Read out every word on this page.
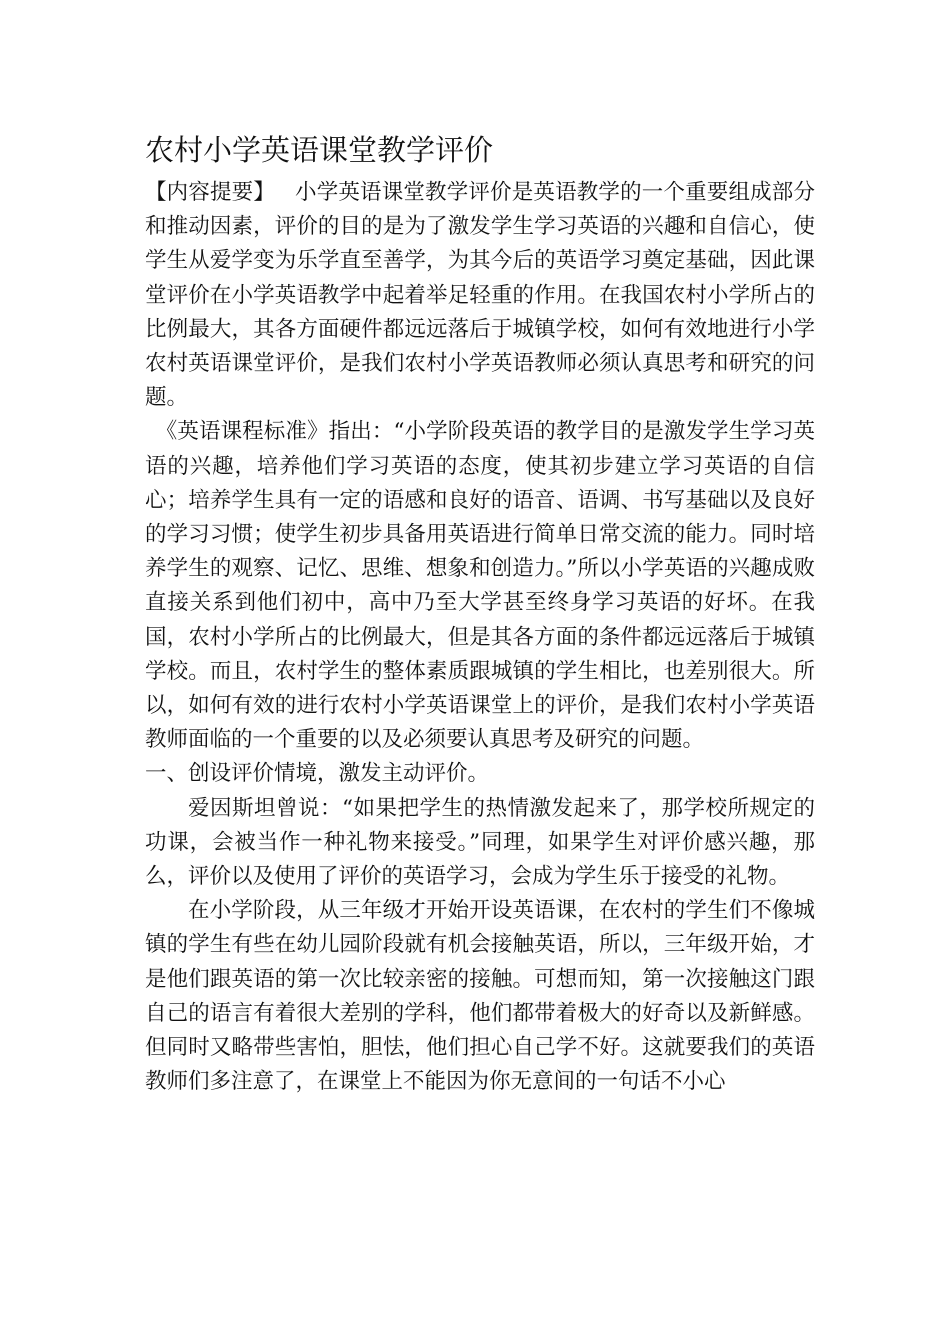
农村小学英语课堂教学评价

【内容提要】 小学英语课堂教学评价是英语教学的一个重要组成部分和推动因素，评价的目的是为了激发学生学习英语的兴趣和自信心，使学生从爱学变为乐学直至善学，为其今后的英语学习奠定基础，因此课堂评价在小学英语教学中起着举足轻重的作用。在我国农村小学所占的比例最大，其各方面硬件都远远落后于城镇学校，如何有效地进行小学农村英语课堂评价，是我们农村小学英语教师必须认真思考和研究的问题。

《英语课程标准》指出：“小学阶段英语的教学目的是激发学生学习英语的兴趣，培养他们学习英语的态度，使其初步建立学习英语的自信心；培养学生具有一定的语感和良好的语音、语调、书写基础以及良好的学习习惯；使学生初步具备用英语进行简单日常交流的能力。同时培养学生的观察、记忆、思维、想象和创造力。”所以小学英语的兴趣成败直接关系到他们初中，高中乃至大学甚至终身学习英语的好坏。在我国，农村小学所占的比例最大，但是其各方面的条件都远远落后于城镇学校。而且，农村学生的整体素质跟城镇的学生相比，也差别很大。所以，如何有效的进行农村小学英语课堂上的评价，是我们农村小学英语教师面临的一个重要的以及必须要认真思考及研究的问题。

一、创设评价情境，激发主动评价。

爱因斯坦曾说：“如果把学生的热情激发起来了，那学校所规定的功课，会被当作一种礼物来接受。”同理，如果学生对评价感兴趣，那么，评价以及使用了评价的英语学习，会成为学生乐于接受的礼物。

在小学阶段，从三年级才开始开设英语课，在农村的学生们不像城镇的学生有些在幼儿园阶段就有机会接触英语，所以，三年级开始，才是他们跟英语的第一次比较亲密的接触。可想而知，第一次接触这门跟自己的语言有着很大差别的学科，他们都带着极大的好奇以及新鲜感。但同时又略带些害怕，胆怯，他们担心自己学不好。这就要我们的英语教师们多注意了，在课堂上不能因为你无意间的一句话不小心
